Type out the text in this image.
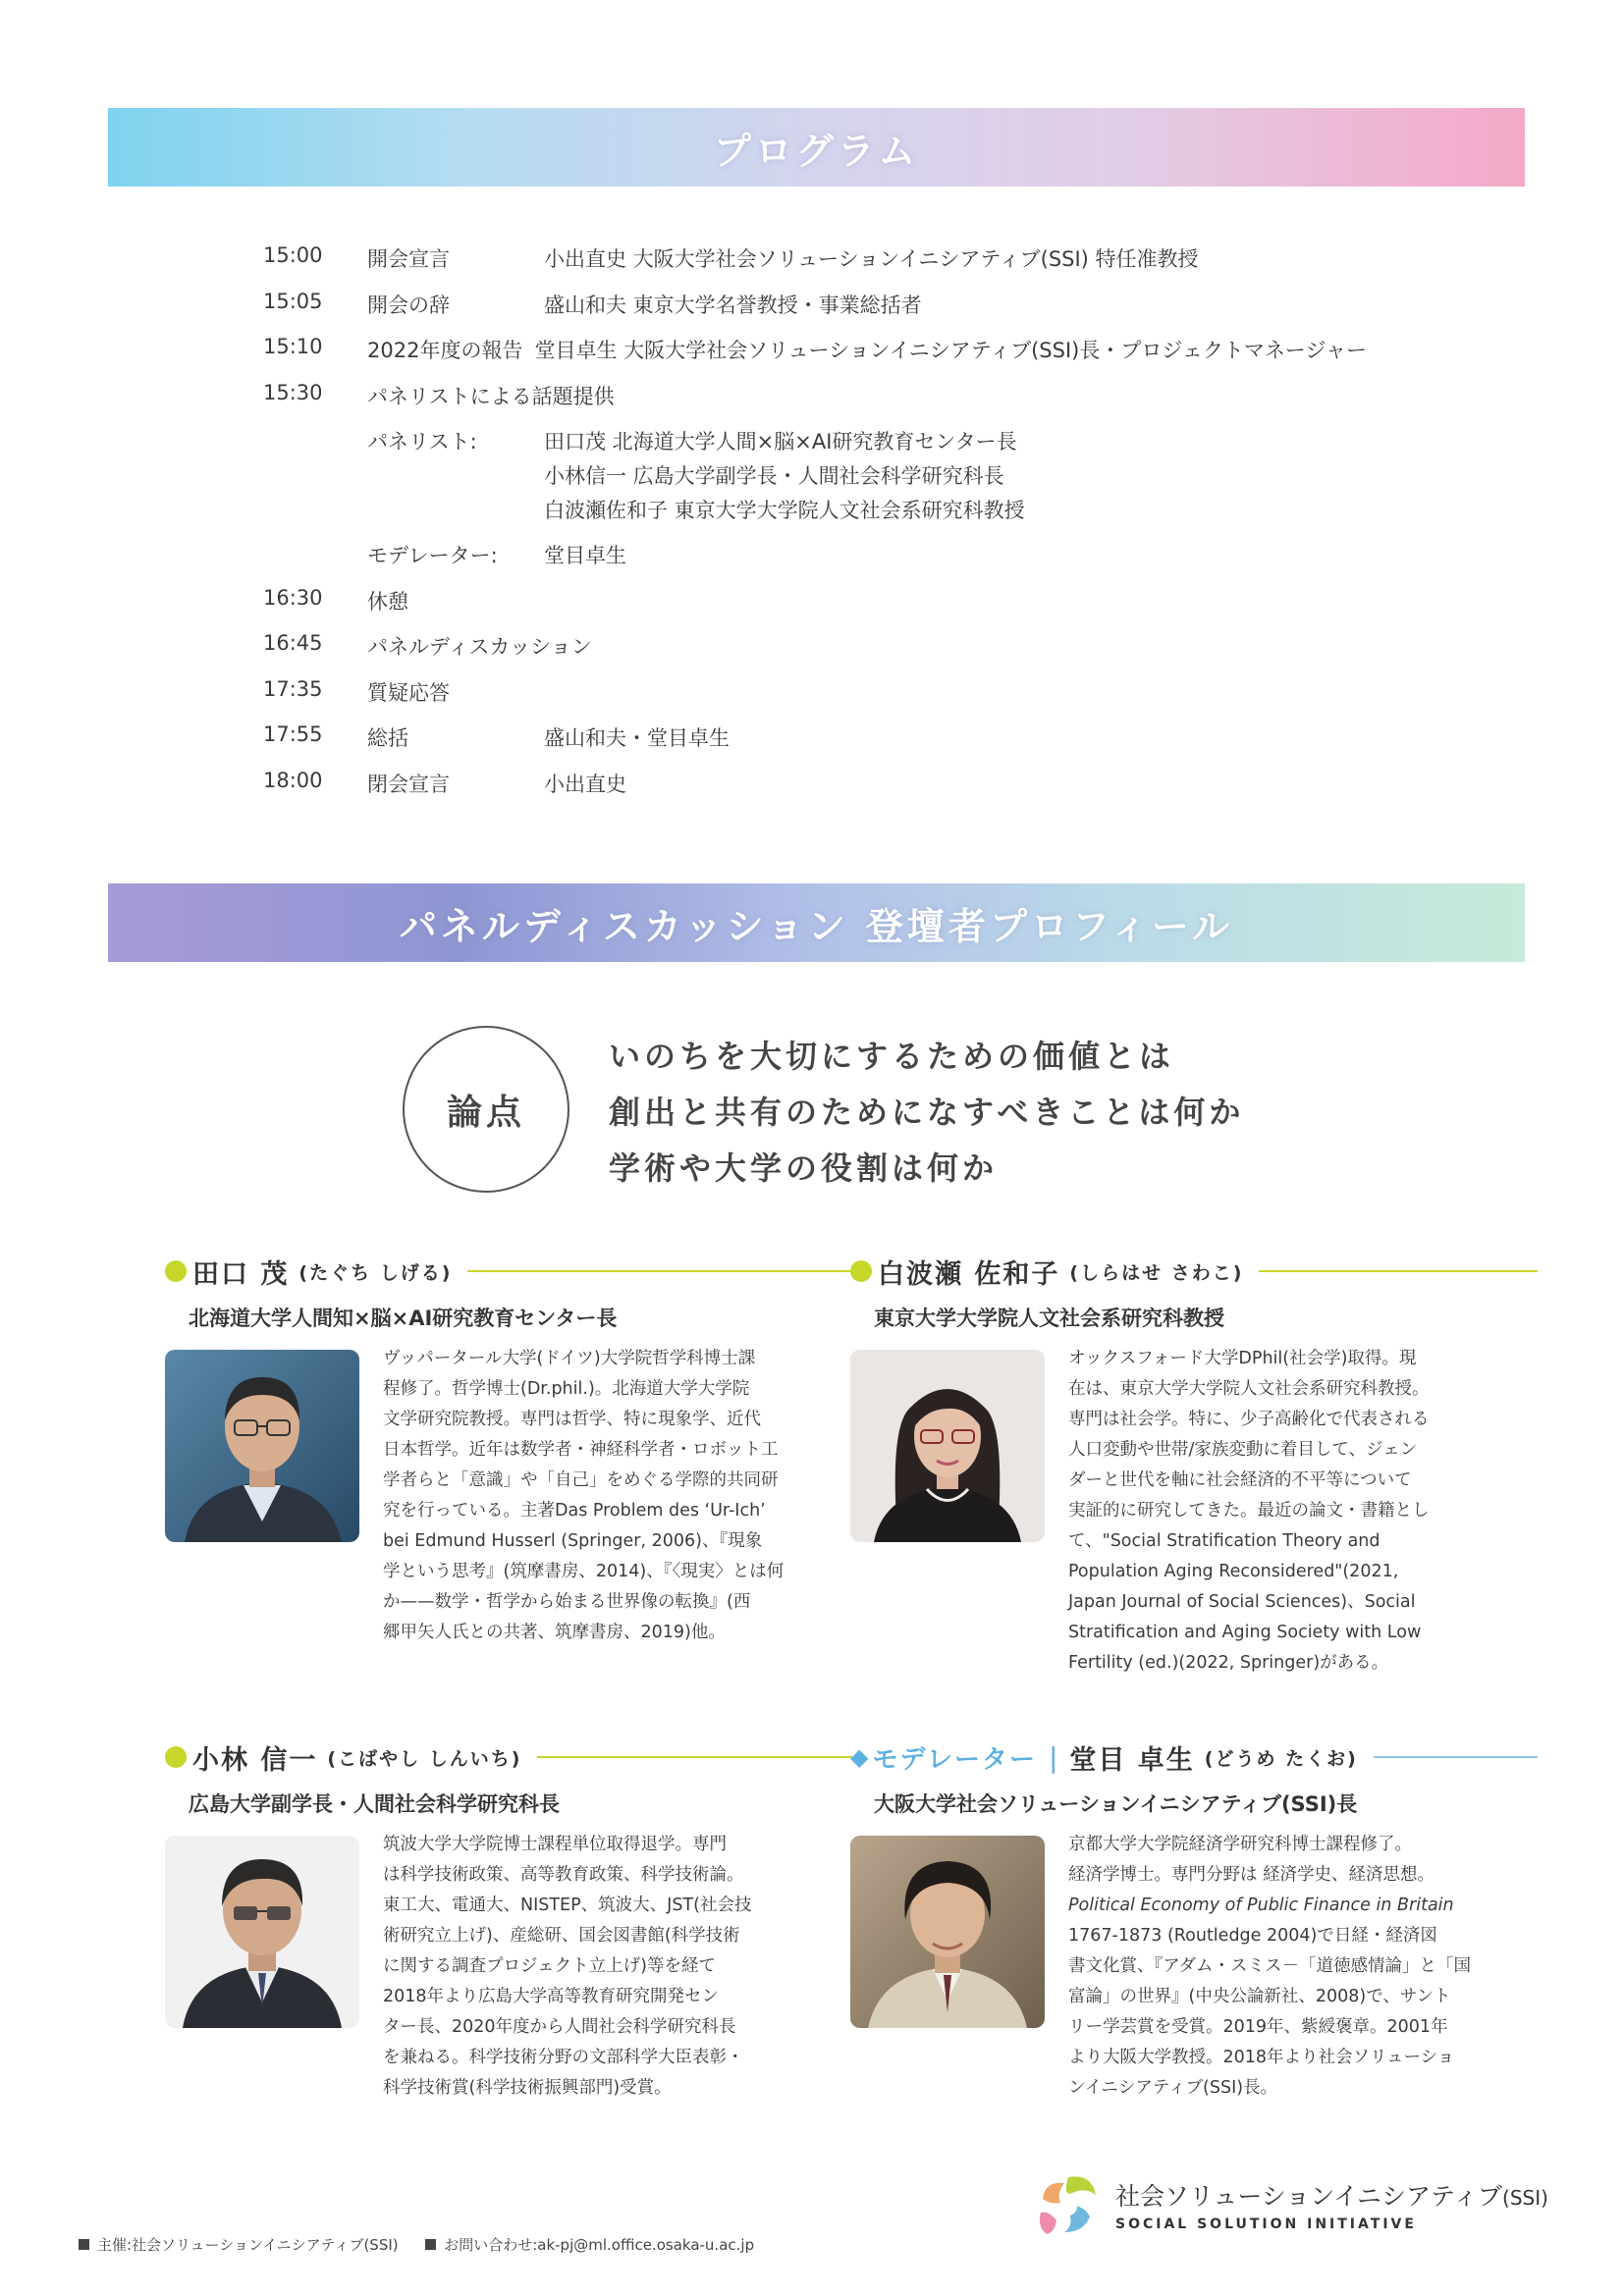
プログラム
15:00	開会宣言	小出直史 大阪大学社会ソリューションイニシアティブ(SSI) 特任准教授
15:05	開会の辞	盛山和夫 東京大学名誉教授・事業総括者
15:10	2022年度の報告 堂目卓生 大阪大学社会ソリューションイニシアティブ(SSI)長・プロジェクトマネージャー
15:30	パネリストによる話題提供
パネリスト:	田口茂 北海道大学人間×脳×AI研究教育センター長
小林信一 広島大学副学長・人間社会科学研究科長
白波瀬佐和子 東京大学大学院人文社会系研究科教授
モデレーター:	堂目卓生
16:30	休憩
16:45	パネルディスカッション
17:35	質疑応答
17:55	総括	盛山和夫・堂目卓生
18:00	閉会宣言	小出直史
パネルディスカッション 登壇者プロフィール
論点
いのちを大切にするための価値とは
創出と共有のためになすべきことは何か
学術や大学の役割は何か
田口 茂 (たぐち しげる)
北海道大学人間知×脳×AI研究教育センター長

ヴッパータール大学(ドイツ)大学院哲学科博士課
程修了。哲学博士(Dr.phil.)。北海道大学大学院
文学研究院教授。専門は哲学、特に現象学、近代
日本哲学。近年は数学者・神経科学者・ロボット工
学者らと「意識」や「自己」をめぐる学際的共同研
究を行っている。主著Das Problem des ‘Ur-Ich’
bei Edmund Husserl (Springer, 2006)、『現象
学という思考』(筑摩書房、2014)、『〈現実〉とは何
か——数学・哲学から始まる世界像の転換』(西
郷甲矢人氏との共著、筑摩書房、2019)他。

白波瀬 佐和子 (しらはせ さわこ)
東京大学大学院人文社会系研究科教授

オックスフォード大学DPhil(社会学)取得。現
在は、東京大学大学院人文社会系研究科教授。
専門は社会学。特に、少子高齢化で代表される
人口変動や世帯/家族変動に着目して、ジェン
ダーと世代を軸に社会経済的不平等について
実証的に研究してきた。最近の論文・書籍とし
て、"Social Stratification Theory and
Population Aging Reconsidered"(2021,
Japan Journal of Social Sciences)、Social
Stratification and Aging Society with Low
Fertility (ed.)(2022, Springer)がある。

小林 信一 (こばやし しんいち)
広島大学副学長・人間社会科学研究科長

筑波大学大学院博士課程単位取得退学。専門
は科学技術政策、高等教育政策、科学技術論。
東工大、電通大、NISTEP、筑波大、JST(社会技
術研究立上げ)、産総研、国会図書館(科学技術
に関する調査プロジェクト立上げ)等を経て
2018年より広島大学高等教育研究開発セン
ター長、2020年度から人間社会科学研究科長
を兼ねる。科学技術分野の文部科学大臣表彰・
科学技術賞(科学技術振興部門)受賞。

◆ モデレーター | 堂目 卓生 (どうめ たくお)
大阪大学社会ソリューションイニシアティブ(SSI)長

京都大学大学院経済学研究科博士課程修了。
経済学博士。専門分野は 経済学史、経済思想。
Political Economy of Public Finance in Britain
1767-1873 (Routledge 2004)で日経・経済図
書文化賞、『アダム・スミス－「道徳感情論」と「国
富論」の世界』(中央公論新社、2008)で、サント
リー学芸賞を受賞。2019年、紫綬褒章。2001年
より大阪大学教授。2018年より社会ソリューショ
ンイニシアティブ(SSI)長。

主催:社会ソリューションイニシアティブ(SSI)	お問い合わせ:ak-pj@ml.office.osaka-u.ac.jp
社会ソリューションイニシアティブ(SSI)
SOCIAL SOLUTION INITIATIVE
